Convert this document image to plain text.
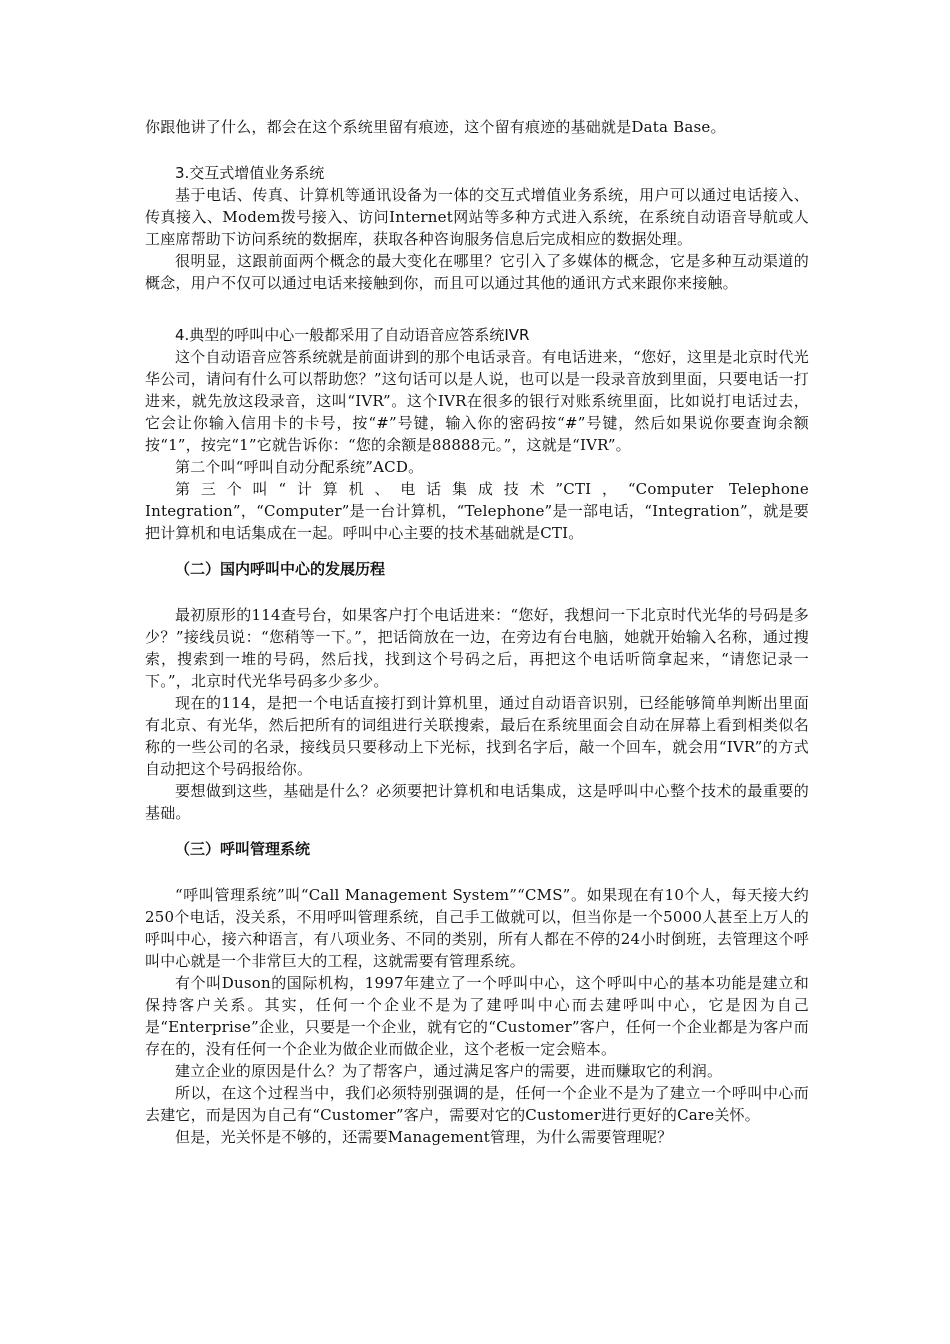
你跟他讲了什么，都会在这个系统里留有痕迹，这个留有痕迹的基础就是Data Base。

3.交互式增值业务系统

基于电话、传真、计算机等通讯设备为一体的交互式增值业务系统，用户可以通过电话接入、传真接入、Modem拨号接入、访问Internet网站等多种方式进入系统，在系统自动语音导航或人工座席帮助下访问系统的数据库，获取各种咨询服务信息后完成相应的数据处理。

很明显，这跟前面两个概念的最大变化在哪里？它引入了多媒体的概念，它是多种互动渠道的概念，用户不仅可以通过电话来接触到你，而且可以通过其他的通讯方式来跟你来接触。

4.典型的呼叫中心一般都采用了自动语音应答系统IVR

这个自动语音应答系统就是前面讲到的那个电话录音。有电话进来，“您好，这里是北京时代光华公司，请问有什么可以帮助您？”这句话可以是人说，也可以是一段录音放到里面，只要电话一打进来，就先放这段录音，这叫“IVR”。这个IVR在很多的银行对账系统里面，比如说打电话过去，它会让你输入信用卡的卡号，按“#”号键，输入你的密码按“#”号键，然后如果说你要查询余额按“1”，按完“1”它就告诉你：“您的余额是88888元。”，这就是“IVR”。

第二个叫“呼叫自动分配系统”ACD。

第三个叫“计算机、电话集成技术”CTI，“Computer Telephone Integration”，“Computer”是一台计算机，“Telephone”是一部电话，“Integration”，就是要把计算机和电话集成在一起。呼叫中心主要的技术基础就是CTI。

（二）国内呼叫中心的发展历程

最初原形的114查号台，如果客户打个电话进来：“您好，我想问一下北京时代光华的号码是多少？”接线员说：“您稍等一下。”，把话筒放在一边，在旁边有台电脑，她就开始输入名称，通过搜索，搜索到一堆的号码，然后找，找到这个号码之后，再把这个电话听筒拿起来，“请您记录一下。”，北京时代光华号码多少多少。

现在的114，是把一个电话直接打到计算机里，通过自动语音识别，已经能够简单判断出里面有北京、有光华，然后把所有的词组进行关联搜索，最后在系统里面会自动在屏幕上看到相类似名称的一些公司的名录，接线员只要移动上下光标，找到名字后，敲一个回车，就会用“IVR”的方式自动把这个号码报给你。

要想做到这些，基础是什么？必须要把计算机和电话集成，这是呼叫中心整个技术的最重要的基础。

（三）呼叫管理系统

“呼叫管理系统”叫“Call Management System”“CMS”。如果现在有10个人，每天接大约250个电话，没关系，不用呼叫管理系统，自己手工做就可以，但当你是一个5000人甚至上万人的呼叫中心，接六种语言，有八项业务、不同的类别，所有人都在不停的24小时倒班，去管理这个呼叫中心就是一个非常巨大的工程，这就需要有管理系统。

有个叫Duson的国际机构，1997年建立了一个呼叫中心，这个呼叫中心的基本功能是建立和保持客户关系。其实，任何一个企业不是为了建呼叫中心而去建呼叫中心，它是因为自己是“Enterprise”企业，只要是一个企业，就有它的“Customer”客户，任何一个企业都是为客户而存在的，没有任何一个企业为做企业而做企业，这个老板一定会赔本。

建立企业的原因是什么？为了帮客户，通过满足客户的需要，进而赚取它的利润。

所以，在这个过程当中，我们必须特别强调的是，任何一个企业不是为了建立一个呼叫中心而去建它，而是因为自己有“Customer”客户，需要对它的Customer进行更好的Care关怀。

但是，光关怀是不够的，还需要Management管理，为什么需要管理呢？
